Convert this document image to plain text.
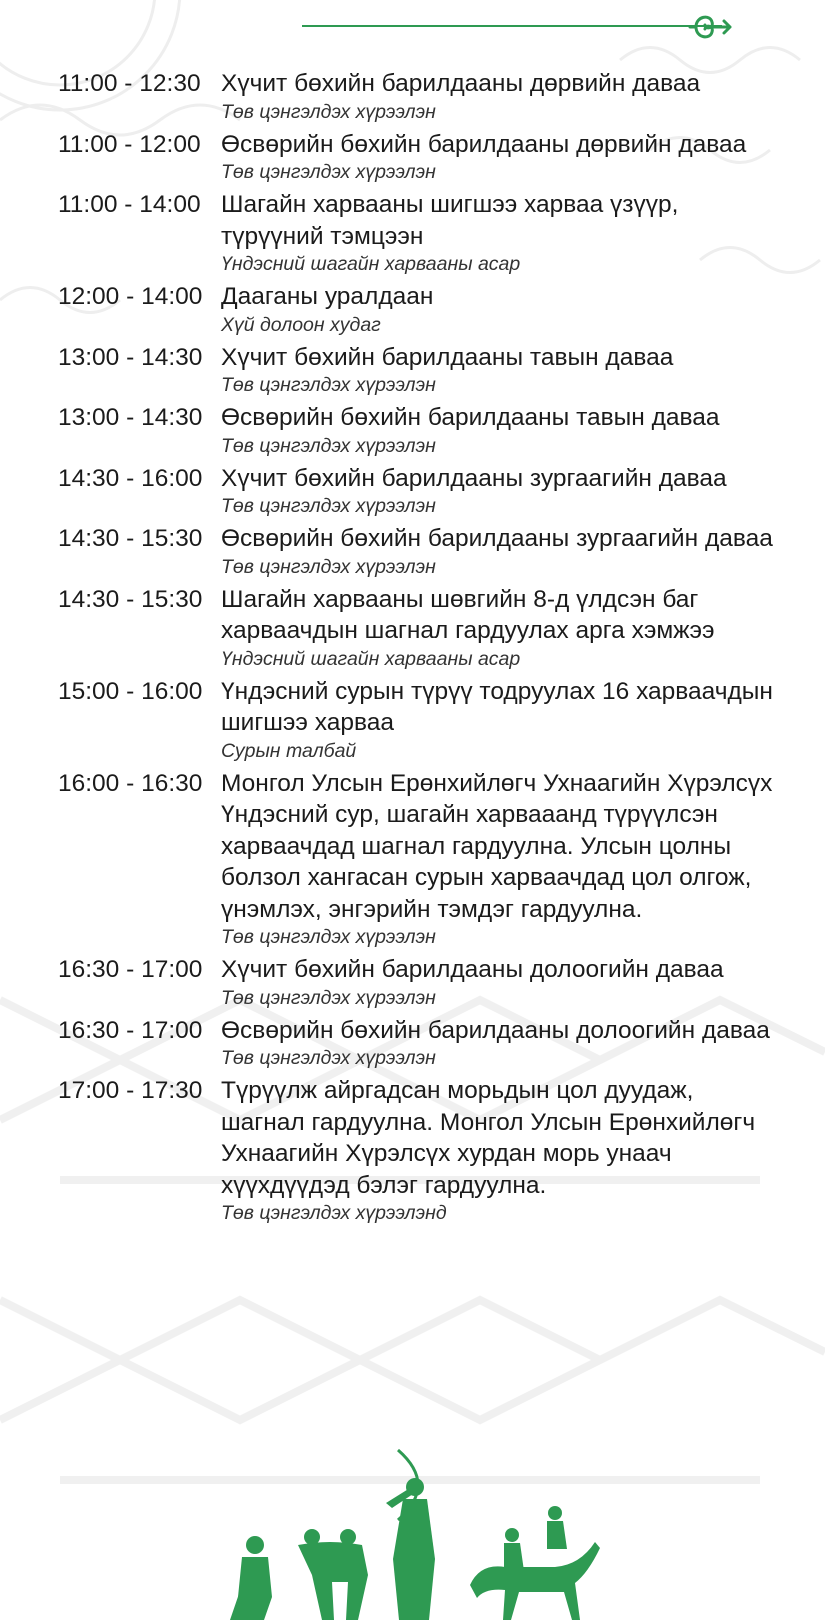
11:00 - 12:30 Хүчит бөхийн барилдааны дөрвийн даваа
Төв цэнгэлдэх хүрээлэн
11:00 - 12:00 Өсвөрийн бөхийн барилдааны дөрвийн даваа
Төв цэнгэлдэх хүрээлэн
11:00 - 14:00 Шагайн харвааны шигшээ харваа үзүүр, түрүүний тэмцээн
Үндэсний шагайн харвааны асар
12:00 - 14:00 Дааганы уралдаан
Хүй долоон худаг
13:00 - 14:30 Хүчит бөхийн барилдааны тавын даваа
Төв цэнгэлдэх хүрээлэн
13:00 - 14:30 Өсвөрийн бөхийн барилдааны тавын даваа
Төв цэнгэлдэх хүрээлэн
14:30 - 16:00 Хүчит бөхийн барилдааны зургаагийн даваа
Төв цэнгэлдэх хүрээлэн
14:30 - 15:30 Өсвөрийн бөхийн барилдааны зургаагийн даваа
Төв цэнгэлдэх хүрээлэн
14:30 - 15:30 Шагайн харвааны шөвгийн 8-д үлдсэн баг харваачдын шагнал гардуулах арга хэмжээ
Үндэсний шагайн харвааны асар
15:00 - 16:00 Үндэсний сурын түрүү тодруулах 16 харваачдын шигшээ харваа
Сурын талбай
16:00 - 16:30 Монгол Улсын Ерөнхийлөгч Ухнаагийн Хүрэлсүх Үндэсний сур, шагайн харвааанд түрүүлсэн харваачдад шагнал гардуулна. Улсын цолны болзол хангасан сурын харваачдад цол олгож, үнэмлэх, энгэрийн тэмдэг гардуулна.
Төв цэнгэлдэх хүрээлэн
16:30 - 17:00 Хүчит бөхийн барилдааны долоогийн даваа
Төв цэнгэлдэх хүрээлэн
16:30 - 17:00 Өсвөрийн бөхийн барилдааны долоогийн даваа
Төв цэнгэлдэх хүрээлэн
17:00 - 17:30 Түрүүлж айргадсан морьдын цол дуудаж, шагнал гардуулна. Монгол Улсын Ерөнхийлөгч Ухнаагийн Хүрэлсүх хурдан морь унаач хүүхдүүдэд бэлэг гардуулна.
Төв цэнгэлдэх хүрээлэнд
